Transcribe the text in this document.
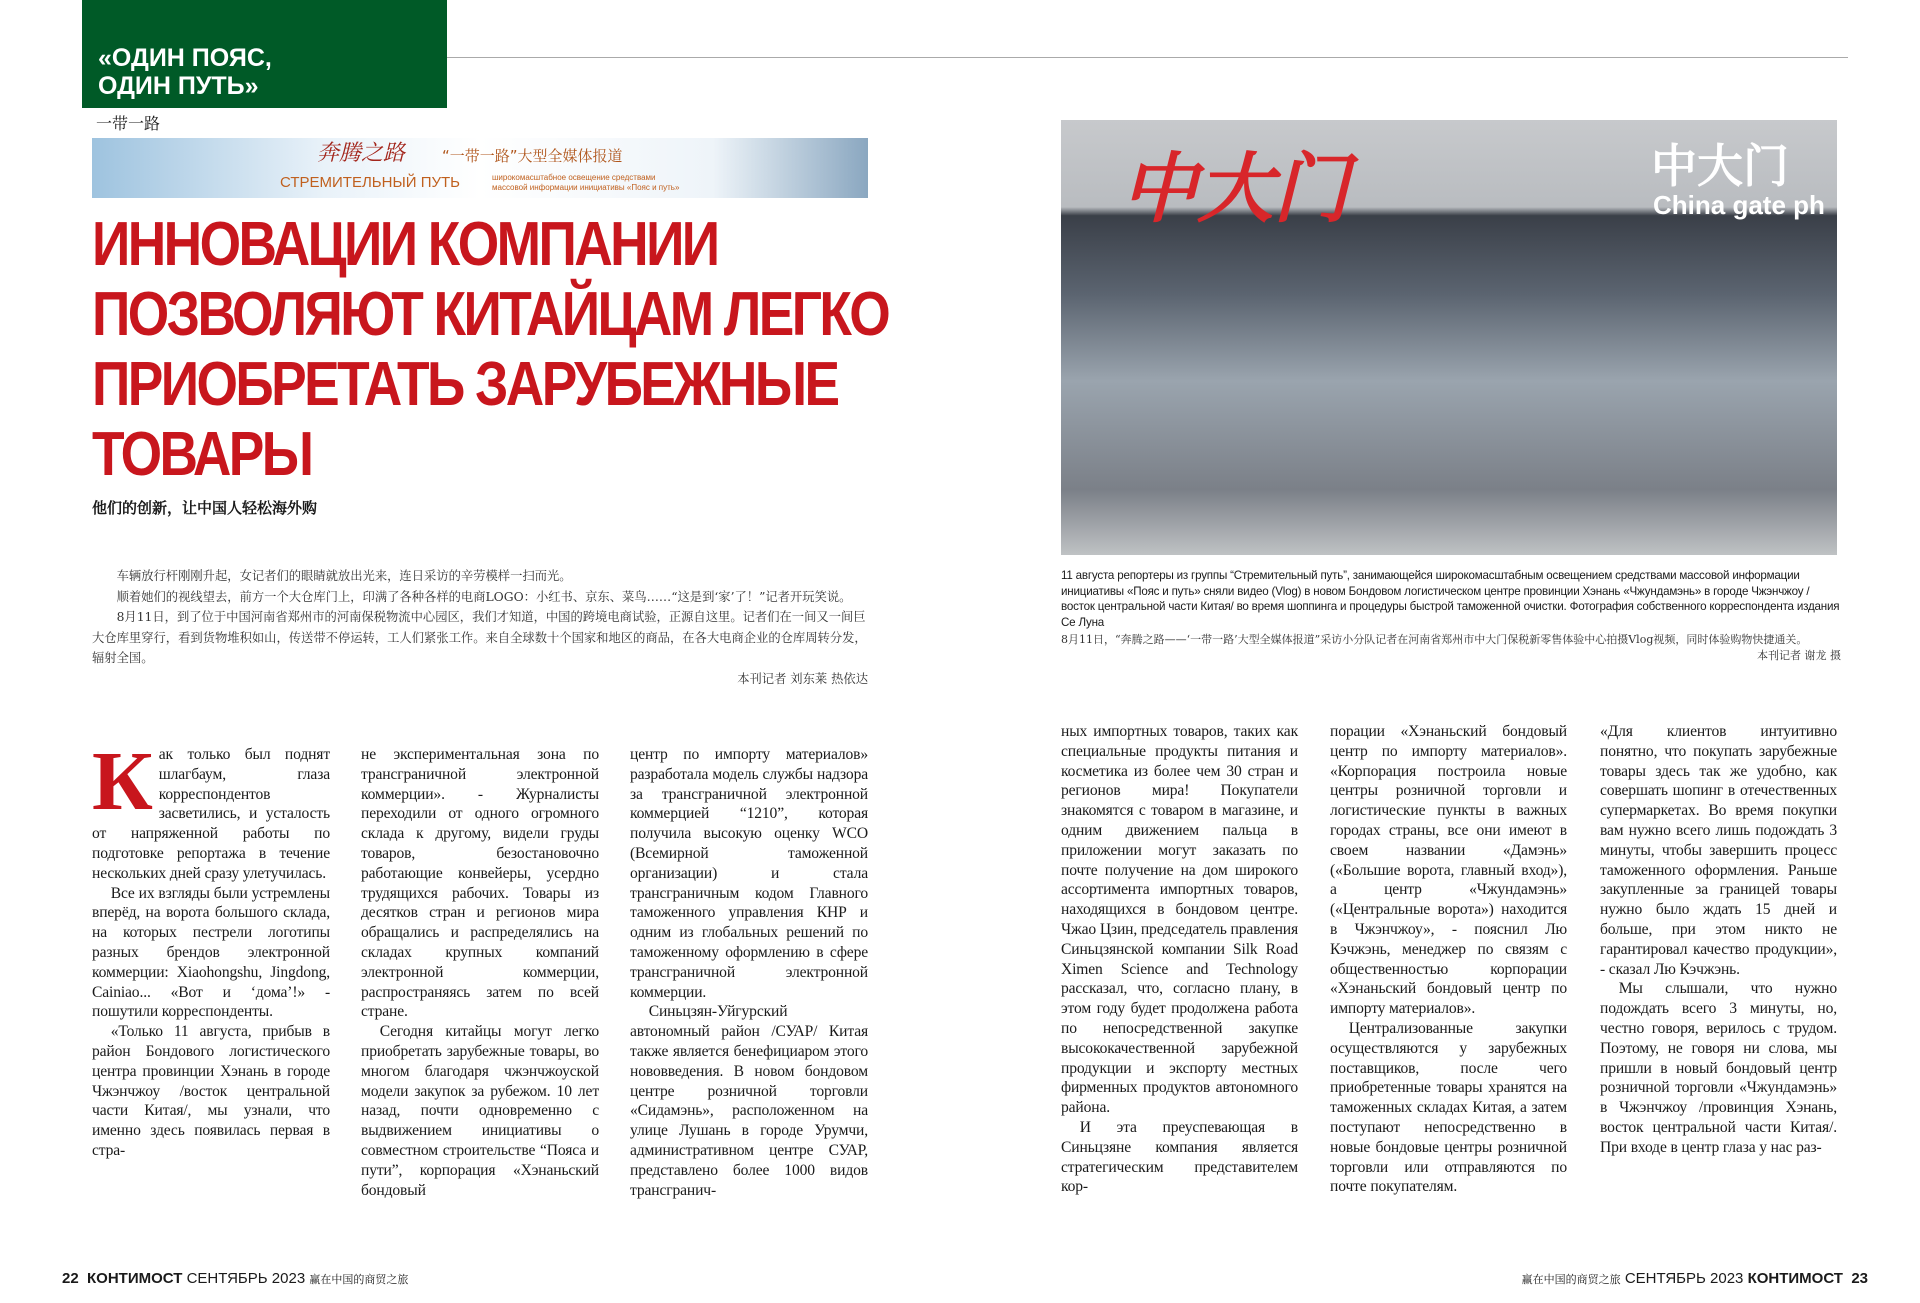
«ОДИН ПОЯС,
ОДИН ПУТЬ»
一带一路
奔腾之路 “一带一路”大型全媒体报道
СТРЕМИТЕЛЬНЫЙ ПУТЬ	широкомасштабное освещение средствами
массовой информации инициативы «Пояс и путь»
ИННОВАЦИИ КОМПАНИИ
ПОЗВОЛЯЮТ КИТАЙЦАМ ЛЕГКО
ПРИОБРЕТАТЬ ЗАРУБЕЖНЫЕ
ТОВАРЫ
他们的创新，让中国人轻松海外购

车辆放行杆刚刚升起，女记者们的眼睛就放出光来，连日采访的辛劳模样一扫而光。

顺着她们的视线望去，前方一个大仓库门上，印满了各种各样的电商LOGO：小红书、京东、菜鸟……“这是到‘家’了！”记者开玩笑说。

8月11日，到了位于中国河南省郑州市的河南保税物流中心园区，我们才知道，中国的跨境电商试验，正源自这里。记者们在一间又一间巨大仓库里穿行，看到货物堆积如山，传送带不停运转，工人们紧张工作。来自全球数十个国家和地区的商品，在各大电商企业的仓库周转分发，辐射全国。

本刊记者 刘东莱 热依达
К ак только был поднят шлагбаум, глаза корреспондентов засветились, и усталость от напряженной работы по подготовке репортажа в течение нескольких дней сразу улетучилась.

Все их взгляды были устремлены вперёд, на ворота большого склада, на которых пестрели логотипы разных брендов электронной коммерции: Xiaohongshu, Jingdong, Cainiao... «Вот и ‘дома’!» - пошутили корреспонденты.

«Только 11 августа, прибыв в район Бондового логистического центра провинции Хэнань в городе Чжэнчжоу /восток центральной части Китая/, мы узнали, что именно здесь появилась первая в стра-

не экспериментальная зона по трансграничной электронной коммерции». - Журналисты переходили от одного огромного склада к другому, видели груды товаров, безостановочно работающие конвейеры, усердно трудящихся рабочих. Товары из десятков стран и регионов мира обращались и распределялись на складах крупных компаний электронной коммерции, распространяясь затем по всей стране.

Сегодня китайцы могут легко приобретать зарубежные товары, во многом благодаря чжэнчжоуской модели закупок за рубежом. 10 лет назад, почти одновременно с выдвижением инициативы о совместном строительстве “Пояса и пути”, корпорация «Хэнаньский бондовый

центр по импорту материалов» разработала модель службы надзора за трансграничной электронной коммерцией “1210”, которая получила высокую оценку WCO (Всемирной таможенной организации) и стала трансграничным кодом Главного таможенного управления КНР и одним из глобальных решений по таможенному оформлению в сфере трансграничной электронной коммерции.

Синьцзян-Уйгурский автономный район /СУАР/ Китая также является бенефициаром этого нововведения. В новом бондовом центре розничной торговли «Сидамэнь», расположенном на улице Лушань в городе Урумчи, административном центре СУАР, представлено более 1000 видов трансгранич-

中大门	中大门
China gate ph
11 августа репортеры из группы “Стремительный путь”, занимающейся широкомасштабным освещением средствами массовой информации инициативы «Пояс и путь» сняли видео (Vlog) в новом Бондовом логистическом центре провинции Хэнань «Чжундамэнь» в городе Чжэнчжоу /восток центральной части Китая/ во время шоппинга и процедуры быстрой таможенной очистки. Фотография собственного корреспондента издания Се Луна
8月11日，“奔腾之路——‘一带一路’大型全媒体报道”采访小分队记者在河南省郑州市中大门保税新零售体验中心拍摄Vlog视频，同时体验购物快捷通关。
本刊记者 谢龙 摄

ных импортных товаров, таких как специальные продукты питания и косметика из более чем 30 стран и регионов мира! Покупатели знакомятся с товаром в магазине, и одним движением пальца в приложении могут заказать по почте получение на дом широкого ассортимента импортных товаров, находящихся в бондовом центре. Чжао Цзин, председатель правления Синьцзянской компании Silk Road Ximen Science and Technology рассказал, что, согласно плану, в этом году будет продолжена работа по непосредственной закупке высококачественной зарубежной продукции и экспорту местных фирменных продуктов автономного района.

И эта преуспевающая в Синьцзяне компания является стратегическим представителем кор-

порации «Хэнаньский бондовый центр по импорту материалов». «Корпорация построила новые центры розничной торговли и логистические пункты в важных городах страны, все они имеют в своем названии «Дамэнь» («Большие ворота, главный вход»), а центр «Чжундамэнь» («Центральные ворота») находится в Чжэнчжоу», - пояснил Лю Кэчжэнь, менеджер по связям с общественностью корпорации «Хэнаньский бондовый центр по импорту материалов».

Централизованные закупки осуществляются у зарубежных поставщиков, после чего приобретенные товары хранятся на таможенных складах Китая, а затем поступают непосредственно в новые бондовые центры розничной торговли или отправляются по почте покупателям.

«Для клиентов интуитивно понятно, что покупать зарубежные товары здесь так же удобно, как совершать шопинг в отечественных супермаркетах. Во время покупки вам нужно всего лишь подождать 3 минуты, чтобы завершить процесс таможенного оформления. Раньше закупленные за границей товары нужно было ждать 15 дней и больше, при этом никто не гарантировал качество продукции», - сказал Лю Кэчжэнь.

Мы слышали, что нужно подождать всего 3 минуты, но, честно говоря, верилось с трудом. Поэтому, не говоря ни слова, мы пришли в новый бондовый центр розничной торговли «Чжундамэнь» в Чжэнчжоу /провинция Хэнань, восток центральной части Китая/. При входе в центр глаза у нас раз-

22 КОНТИМОСТ СЕНТЯБРЬ 2023 赢在中国的商贸之旅	赢在中国的商贸之旅 СЕНТЯБРЬ 2023 КОНТИМОСТ 23
